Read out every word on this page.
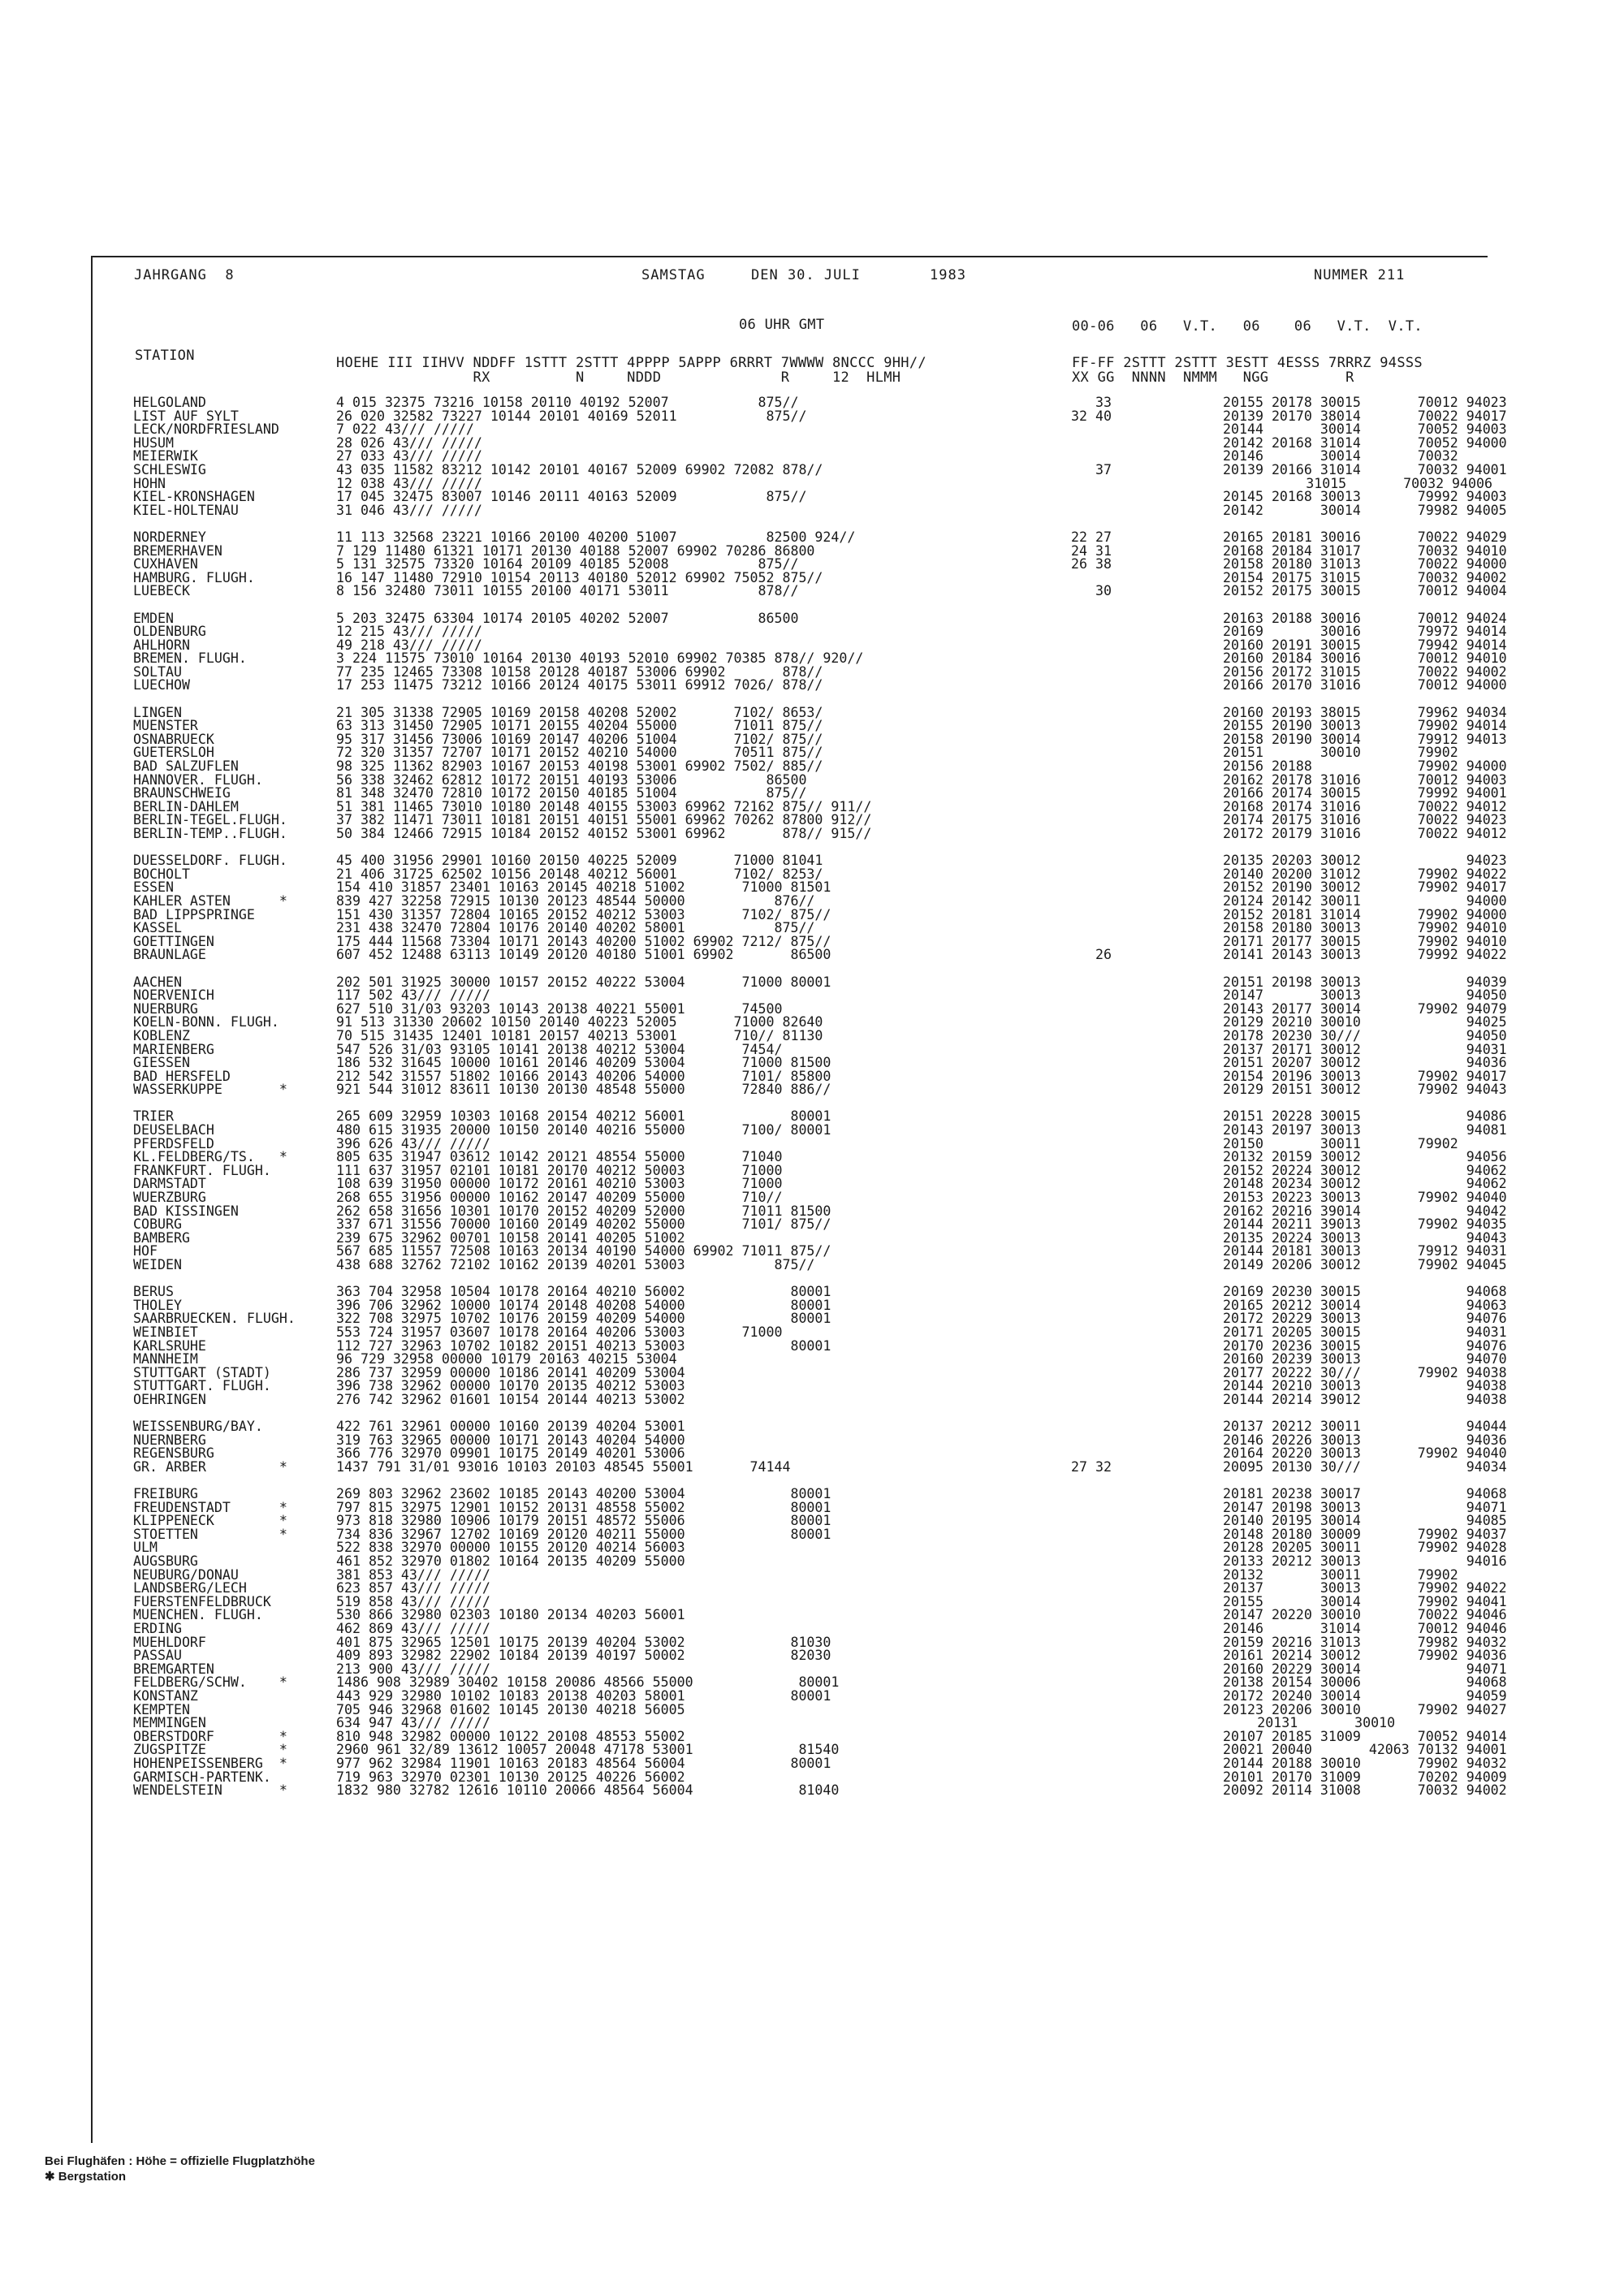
JAHRGANG  8	SAMSTAG	DEN 30. JULI	1983	NUMMER 211
06 UHR GMT	00-06   06   V.T.   06    06   V.T.  V.T.
STATION	HOEHE III IIHVV NDDFF 1STTT 2STTT 4PPPP 5APPP 6RRRT 7WWWW 8NCCC 9HH//
RX          N     NDDD              R     12  HLMH
FF-FF 2STTT 2STTT 3ESTT 4ESSS 7RRRZ 94SSS
XX GG  NNNN  NMMM   NGG         R
HELGOLAND	4 015 32375 73216 10158 20110 40192 52007           875//	33	20155 20178 30015       70012 94023
LIST AUF SYLT	26 020 32582 73227 10144 20101 40169 52011           875//	32 40	20139 20170 38014       70022 94017
LECK/NORDFRIESLAND	7 022 43/// /////	20144       30014       70052 94003
HUSUM	28 026 43/// /////	20142 20168 31014       70052 94000
MEIERWIK	27 033 43/// /////	20146       30014       70032
SCHLESWIG	43 035 11582 83212 10142 20101 40167 52009 69902 72082 878//	37	20139 20166 31014       70032 94001
HOHN	12 038 43/// /////	31015       70032 94006
KIEL-KRONSHAGEN	17 045 32475 83007 10146 20111 40163 52009           875//	20145 20168 30013       79992 94003
KIEL-HOLTENAU	31 046 43/// /////	20142       30014       79982 94005
NORDERNEY	11 113 32568 23221 10166 20100 40200 51007           82500 924//	22 27	20165 20181 30016       70022 94029
BREMERHAVEN	7 129 11480 61321 10171 20130 40188 52007 69902 70286 86800	24 31	20168 20184 31017       70032 94010
CUXHAVEN	5 131 32575 73320 10164 20109 40185 52008           875//	26 38	20158 20180 31013       70022 94000
HAMBURG. FLUGH.	16 147 11480 72910 10154 20113 40180 52012 69902 75052 875//	20154 20175 31015       70032 94002
LUEBECK	8 156 32480 73011 10155 20100 40171 53011           878//	30	20152 20175 30015       70012 94004
EMDEN	5 203 32475 63304 10174 20105 40202 52007           86500	20163 20188 30016       70012 94024
OLDENBURG	12 215 43/// /////	20169       30016       79972 94014
AHLHORN	49 218 43/// /////	20160 20191 30015       79942 94014
BREMEN. FLUGH.	3 224 11575 73010 10164 20130 40193 52010 69902 70385 878// 920//	20160 20184 30016       70012 94010
SOLTAU	77 235 12465 73308 10158 20128 40187 53006 69902       878//	20156 20172 31015       70022 94002
LUECHOW	17 253 11475 73212 10166 20124 40175 53011 69912 7026/ 878//	20166 20170 31016       70012 94000
LINGEN	21 305 31338 72905 10169 20158 40208 52002       7102/ 8653/	20160 20193 38015       79962 94034
MUENSTER	63 313 31450 72905 10171 20155 40204 55000       71011 875//	20155 20190 30013       79902 94014
OSNABRUECK	95 317 31456 73006 10169 20147 40206 51004       7102/ 875//	20158 20190 30014       79912 94013
GUETERSLOH	72 320 31357 72707 10171 20152 40210 54000       70511 875//	20151       30010       79902
BAD SALZUFLEN	98 325 11362 82903 10167 20153 40198 53001 69902 7502/ 885//	20156 20188             79902 94000
HANNOVER. FLUGH.	56 338 32462 62812 10172 20151 40193 53006           86500	20162 20178 31016       70012 94003
BRAUNSCHWEIG	81 348 32470 72810 10172 20150 40185 51004           875//	20166 20174 30015       79992 94001
BERLIN-DAHLEM	51 381 11465 73010 10180 20148 40155 53003 69962 72162 875// 911//	20168 20174 31016       70022 94012
BERLIN-TEGEL.FLUGH.	37 382 11471 73011 10181 20151 40151 55001 69962 70262 87800 912//	20174 20175 31016       70022 94023
BERLIN-TEMP..FLUGH.	50 384 12466 72915 10184 20152 40152 53001 69962       878// 915//	20172 20179 31016       70022 94012
DUESSELDORF. FLUGH.	45 400 31956 29901 10160 20150 40225 52009       71000 81041	20135 20203 30012             94023
BOCHOLT	21 406 31725 62502 10156 20148 40212 56001       7102/ 8253/	20140 20200 31012       79902 94022
ESSEN	154 410 31857 23401 10163 20145 40218 51002       71000 81501	20152 20190 30012       79902 94017
KAHLER ASTEN      *	839 427 32258 72915 10130 20123 48544 50000           876//	20124 20142 30011             94000
BAD LIPPSPRINGE	151 430 31357 72804 10165 20152 40212 53003       7102/ 875//	20152 20181 31014       79902 94000
KASSEL	231 438 32470 72804 10176 20140 40202 58001           875//	20158 20180 30013       79902 94010
GOETTINGEN	175 444 11568 73304 10171 20143 40200 51002 69902 7212/ 875//	20171 20177 30015       79902 94010
BRAUNLAGE	607 452 12488 63113 10149 20120 40180 51001 69902       86500	26	20141 20143 30013       79992 94022
AACHEN	202 501 31925 30000 10157 20152 40222 53004       71000 80001	20151 20198 30013             94039
NOERVENICH	117 502 43/// /////	20147       30013             94050
NUERBURG	627 510 31/03 93203 10143 20138 40221 55001       74500	20143 20177 30014       79902 94079
KOELN-BONN. FLUGH.	91 513 31330 20602 10150 20140 40223 52005       71000 82640	20129 20210 30010             94025
KOBLENZ	70 515 31435 12401 10181 20157 40213 53001       710// 81130	20178 20230 30///             94050
MARIENBERG	547 526 31/03 93105 10141 20138 40212 53004       7454/	20137 20171 30012             94031
GIESSEN	186 532 31645 10000 10161 20146 40209 53004       71000 81500	20151 20207 30012             94036
BAD HERSFELD	212 542 31557 51802 10166 20143 40206 54000       7101/ 85800	20154 20196 30013       79902 94017
WASSERKUPPE       *	921 544 31012 83611 10130 20130 48548 55000       72840 886//	20129 20151 30012       79902 94043
TRIER	265 609 32959 10303 10168 20154 40212 56001             80001	20151 20228 30015             94086
DEUSELBACH	480 615 31935 20000 10150 20140 40216 55000       7100/ 80001	20143 20197 30013             94081
PFERDSFELD	396 626 43/// /////	20150       30011       79902
KL.FELDBERG/TS.   *	805 635 31947 03612 10142 20121 48554 55000       71040	20132 20159 30012             94056
FRANKFURT. FLUGH.	111 637 31957 02101 10181 20170 40212 50003       71000	20152 20224 30012             94062
DARMSTADT	108 639 31950 00000 10172 20161 40210 53003       71000	20148 20234 30012             94062
WUERZBURG	268 655 31956 00000 10162 20147 40209 55000       710//	20153 20223 30013       79902 94040
BAD KISSINGEN	262 658 31656 10301 10170 20152 40209 52000       71011 81500	20162 20216 39014             94042
COBURG	337 671 31556 70000 10160 20149 40202 55000       7101/ 875//	20144 20211 39013       79902 94035
BAMBERG	239 675 32962 00701 10158 20141 40205 51002	20135 20224 30013             94043
HOF	567 685 11557 72508 10163 20134 40190 54000 69902 71011 875//	20144 20181 30013       79912 94031
WEIDEN	438 688 32762 72102 10162 20139 40201 53003           875//	20149 20206 30012       79902 94045
BERUS	363 704 32958 10504 10178 20164 40210 56002             80001	20169 20230 30015             94068
THOLEY	396 706 32962 10000 10174 20148 40208 54000             80001	20165 20212 30014             94063
SAARBRUECKEN. FLUGH.	322 708 32975 10702 10176 20159 40209 54000             80001	20172 20229 30013             94076
WEINBIET	553 724 31957 03607 10178 20164 40206 53003       71000	20171 20205 30015             94031
KARLSRUHE	112 727 32963 10702 10182 20151 40213 53003             80001	20170 20236 30015             94076
MANNHEIM	96 729 32958 00000 10179 20163 40215 53004	20160 20239 30013             94070
STUTTGART (STADT)	286 737 32959 00000 10186 20141 40209 53004	20177 20222 30///       79902 94038
STUTTGART. FLUGH.	396 738 32962 00000 10170 20135 40212 53003	20144 20210 30013             94038
OEHRINGEN	276 742 32962 01601 10154 20144 40213 53002	20144 20214 39012             94038
WEISSENBURG/BAY.	422 761 32961 00000 10160 20139 40204 53001	20137 20212 30011             94044
NUERNBERG	319 763 32965 00000 10171 20143 40204 54000	20146 20226 30013             94036
REGENSBURG	366 776 32970 09901 10175 20149 40201 53006	20164 20220 30013       79902 94040
GR. ARBER         *	1437 791 31/01 93016 10103 20103 48545 55001       74144	27 32	20095 20130 30///             94034
FREIBURG	269 803 32962 23602 10185 20143 40200 53004             80001	20181 20238 30017             94068
FREUDENSTADT      *	797 815 32975 12901 10152 20131 48558 55002             80001	20147 20198 30013             94071
KLIPPENECK        *	973 818 32980 10906 10179 20151 48572 55006             80001	20140 20195 30014             94085
STOETTEN          *	734 836 32967 12702 10169 20120 40211 55000             80001	20148 20180 30009       79902 94037
ULM	522 838 32970 00000 10155 20120 40214 56003	20128 20205 30011       79902 94028
AUGSBURG	461 852 32970 01802 10164 20135 40209 55000	20133 20212 30013             94016
NEUBURG/DONAU	381 853 43/// /////	20132       30011       79902
LANDSBERG/LECH	623 857 43/// /////	20137       30013       79902 94022
FUERSTENFELDBRUCK	519 858 43/// /////	20155       30014       79902 94041
MUENCHEN. FLUGH.	530 866 32980 02303 10180 20134 40203 56001	20147 20220 30010       70022 94046
ERDING	462 869 43/// /////	20146       31014       70012 94046
MUEHLDORF	401 875 32965 12501 10175 20139 40204 53002             81030	20159 20216 31013       79982 94032
PASSAU	409 893 32982 22902 10184 20139 40197 50002             82030	20161 20214 30012       79902 94036
BREMGARTEN	213 900 43/// /////	20160 20229 30014             94071
FELDBERG/SCHW.    *	1486 908 32989 30402 10158 20086 48566 55000             80001	20138 20154 30006             94068
KONSTANZ	443 929 32980 10102 10183 20138 40203 58001             80001	20172 20240 30014             94059
KEMPTEN	705 946 32968 01602 10145 20130 40218 56005	20123 20206 30010       79902 94027
MEMMINGEN	634 947 43/// /////	20131       30010
OBERSTDORF        *	810 948 32982 00000 10122 20108 48553 55002	20107 20185 31009       70052 94014
ZUGSPITZE         *	2960 961 32/89 13612 10057 20048 47178 53001             81540	20021 20040       42063 70132 94001
HOHENPEISSENBERG  *	977 962 32984 11901 10163 20183 48564 56004             80001	20144 20188 30010       79902 94032
GARMISCH-PARTENK.	719 963 32970 02301 10130 20125 40226 56002	20101 20170 31009       70202 94009
WENDELSTEIN       *	1832 980 32782 12616 10110 20066 48564 56004             81040	20092 20114 31008       70032 94002
Bei Flughäfen : Höhe = offizielle Flugplatzhöhe
✱ Bergstation
